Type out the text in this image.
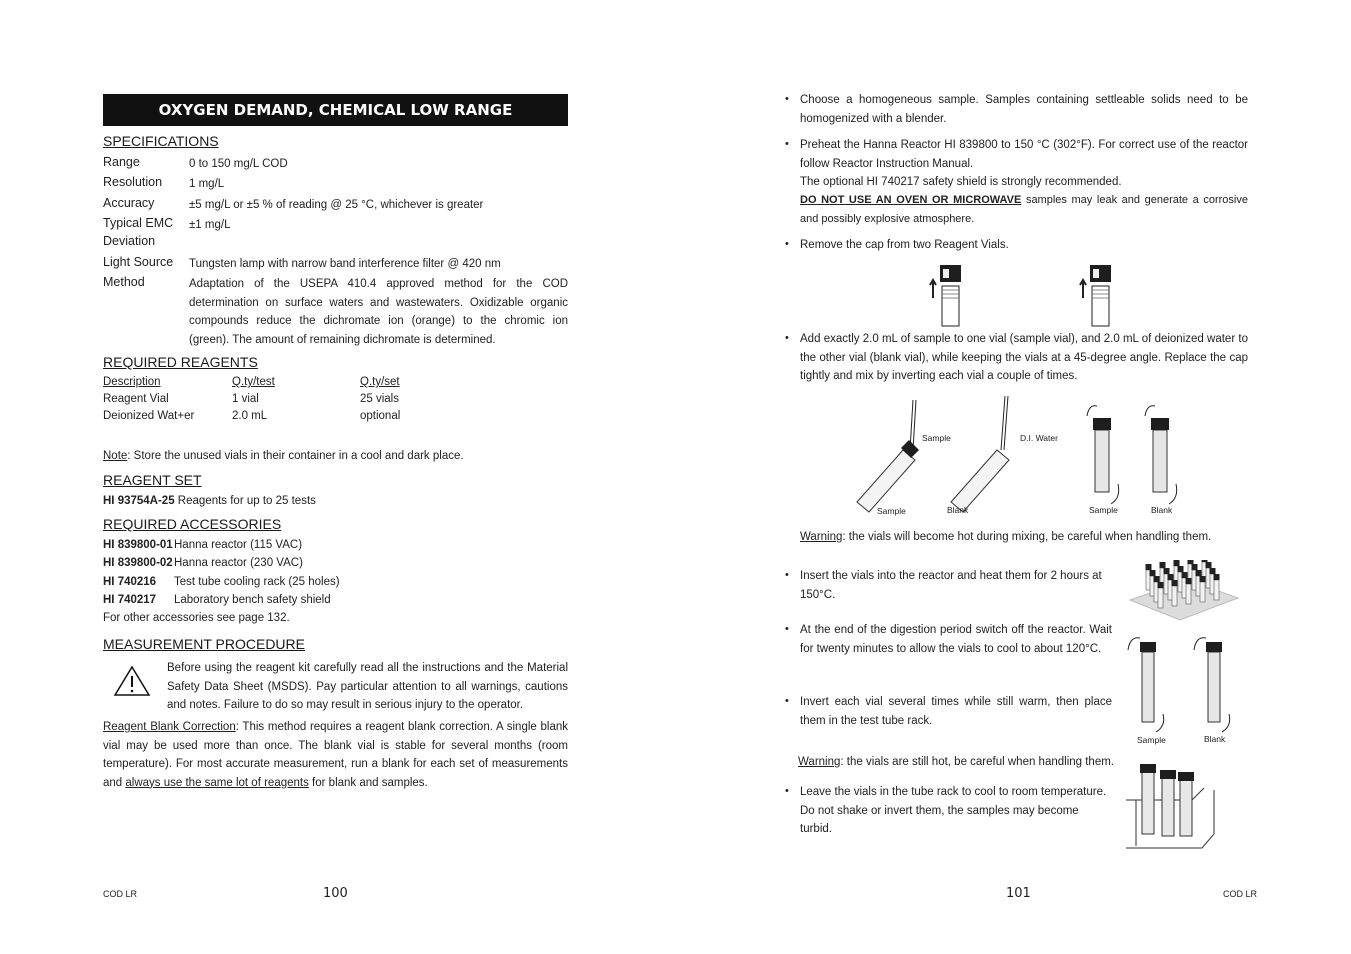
OXYGEN DEMAND, CHEMICAL LOW RANGE
SPECIFICATIONS
Range	0 to 150 mg/L COD
Resolution 1 mg/L
Accuracy	±5 mg/L or ±5 % of reading @ 25 °C, whichever is greater
Typical EMC
Deviation
±1 mg/L
Light Source Tungsten lamp with narrow band interference filter @ 420 nm
Method	Adaptation of the USEPA 410.4 approved method for the COD determination on surface waters and wastewaters. Oxidizable organic compounds reduce the dichromate ion (orange) to the chromic ion (green). The amount of remaining dichromate is determined.
REQUIRED REAGENTS
Description	Q.ty/test	Q.ty/set
Reagent Vial	1 vial	25 vials
Deionized Wat+er	2.0 mL	optional
Note: Store the unused vials in their container in a cool and dark place.
REAGENT SET
HI 93754A-25 Reagents for up to 25 tests
REQUIRED ACCESSORIES
HI 839800-01 Hanna reactor (115 VAC)
HI 839800-02 Hanna reactor (230 VAC)
HI 740216 Test tube cooling rack (25 holes)
HI 740217 Laboratory bench safety shield
For other accessories see page 132.
MEASUREMENT PROCEDURE
Before using the reagent kit carefully read all the instructions and the Material Safety Data Sheet (MSDS). Pay particular attention to all warnings, cautions and notes. Failure to do so may result in serious injury to the operator.
Reagent Blank Correction: This method requires a reagent blank correction. A single blank vial may be used more than once. The blank vial is stable for several months (room temperature). For most accurate measurement, run a blank for each set of measurements and always use the same lot of reagents for blank and samples.
COD LR	100
• Choose a homogeneous sample. Samples containing settleable solids need to be homogenized with a blender.
• Preheat the Hanna Reactor HI 839800 to 150 °C (302°F). For correct use of the reactor follow Reactor Instruction Manual.
The optional HI 740217 safety shield is strongly recommended.
DO NOT USE AN OVEN OR MICROWAVE samples may leak and generate a corrosive and possibly explosive atmosphere.
• Remove the cap from two Reagent Vials.
• Add exactly 2.0 mL of sample to one vial (sample vial), and 2.0 mL of deionized water to the other vial (blank vial), while keeping the vials at a 45-degree angle. Replace the cap tightly and mix by inverting each vial a couple of times.
Sample	D.I. Water
Sample	Blank	Sample	Blank
Warning: the vials will become hot during mixing, be careful when handling them.
• Insert the vials into the reactor and heat them for 2 hours at 150°C.
• At the end of the digestion period switch off the reactor. Wait for twenty minutes to allow the vials to cool to about 120°C.
Sample	Blank
• Invert each vial several times while still warm, then place them in the test tube rack.
Warning: the vials are still hot, be careful when handling them.
• Leave the vials in the tube rack to cool to room temperature. Do not shake or invert them, the samples may become turbid.
101	COD LR
